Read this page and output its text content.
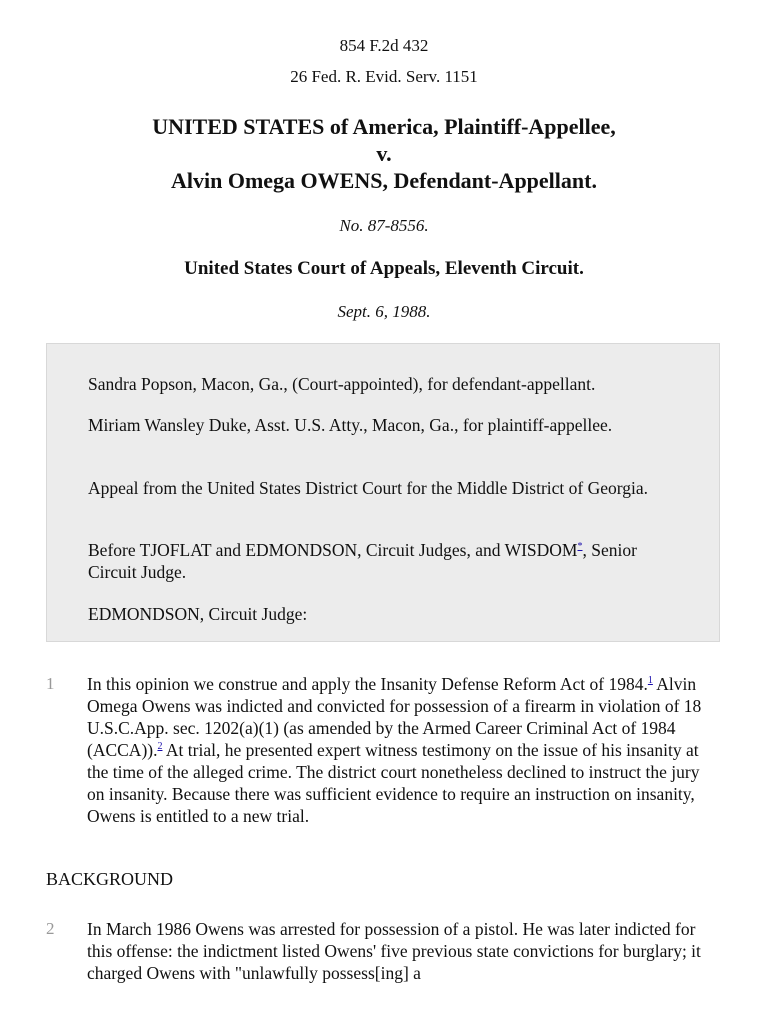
854 F.2d 432
26 Fed. R. Evid. Serv. 1151
UNITED STATES of America, Plaintiff-Appellee,
v.
Alvin Omega OWENS, Defendant-Appellant.
No. 87-8556.
United States Court of Appeals, Eleventh Circuit.
Sept. 6, 1988.

Sandra Popson, Macon, Ga., (Court-appointed), for defendant-appellant.

Miriam Wansley Duke, Asst. U.S. Atty., Macon, Ga., for plaintiff-appellee.

Appeal from the United States District Court for the Middle District of Georgia.

Before TJOFLAT and EDMONDSON, Circuit Judges, and WISDOM*, Senior Circuit Judge.

EDMONDSON, Circuit Judge:

1 In this opinion we construe and apply the Insanity Defense Reform Act of 1984.$^1$ Alvin Omega Owens was indicted and convicted for possession of a firearm in violation of 18 U.S.C.App. sec. 1202(a)(1) (as amended by the Armed Career Criminal Act of 1984 (ACCA)).$^2$ At trial, he presented expert witness testimony on the issue of his insanity at the time of the alleged crime. The district court nonetheless declined to instruct the jury on insanity. Because there was sufficient evidence to require an instruction on insanity, Owens is entitled to a new trial.
BACKGROUND
2 In March 1986 Owens was arrested for possession of a pistol. He was later indicted for this offense: the indictment listed Owens' five previous state convictions for burglary; it charged Owens with "unlawfully possess[ing] a
